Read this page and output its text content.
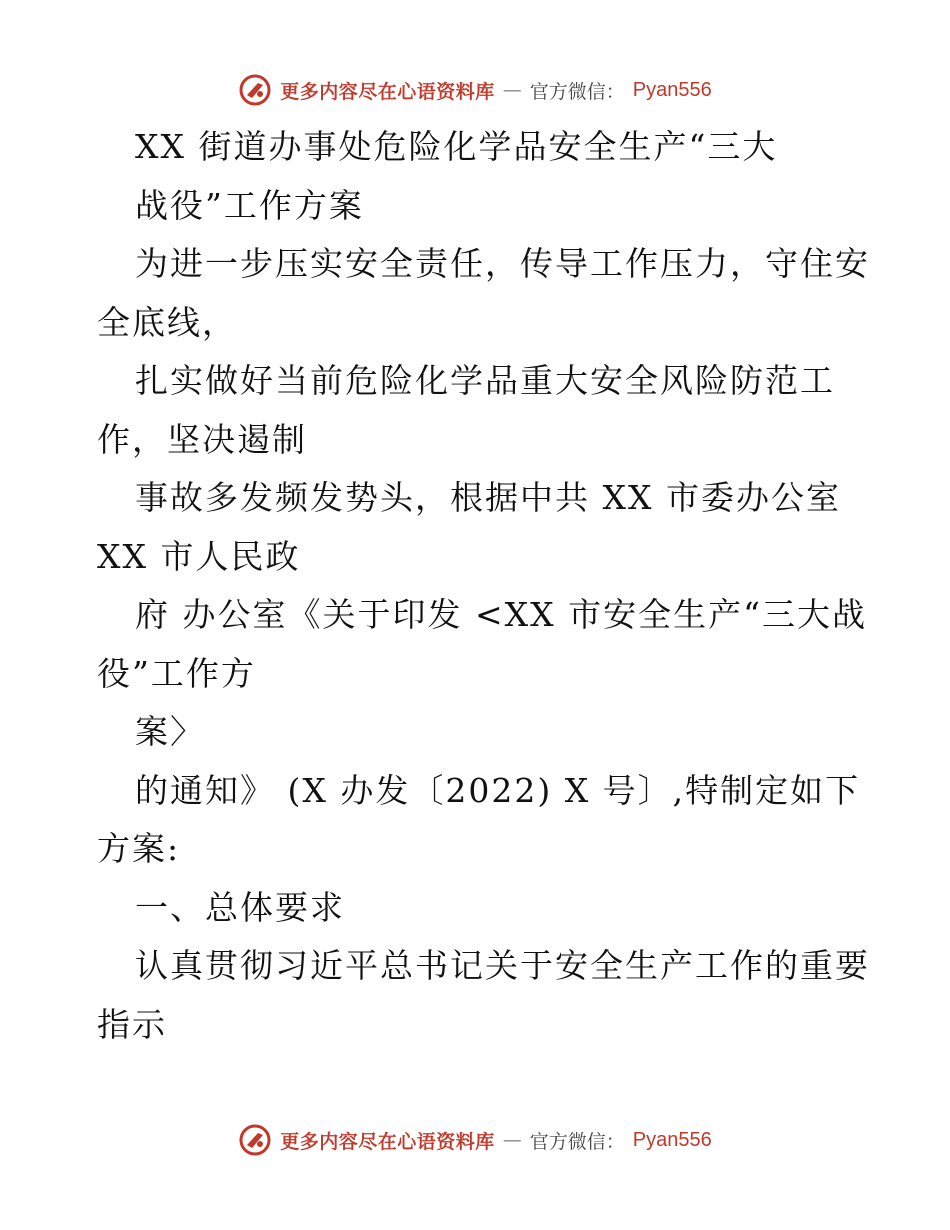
更多内容尽在心语资料库 — 官方微信： Pyan556
XX 街道办事处危险化学品安全生产“三大
战役”工作方案
为进一步压实安全责任，传导工作压力，守住安
全底线，
扎实做好当前危险化学品重大安全风险防范工
作，坚决遏制
事故多发频发势头，根据中共 XX 市委办公室
XX 市人民政
府 办公室《关于印发 <XX 市安全生产“三大战
役”工作方
案〉
的通知》 (X 办发〔2022) X 号〕,特制定如下
方案:
一、总体要求
认真贯彻习近平总书记关于安全生产工作的重要
指示
更多内容尽在心语资料库 — 官方微信： Pyan556
